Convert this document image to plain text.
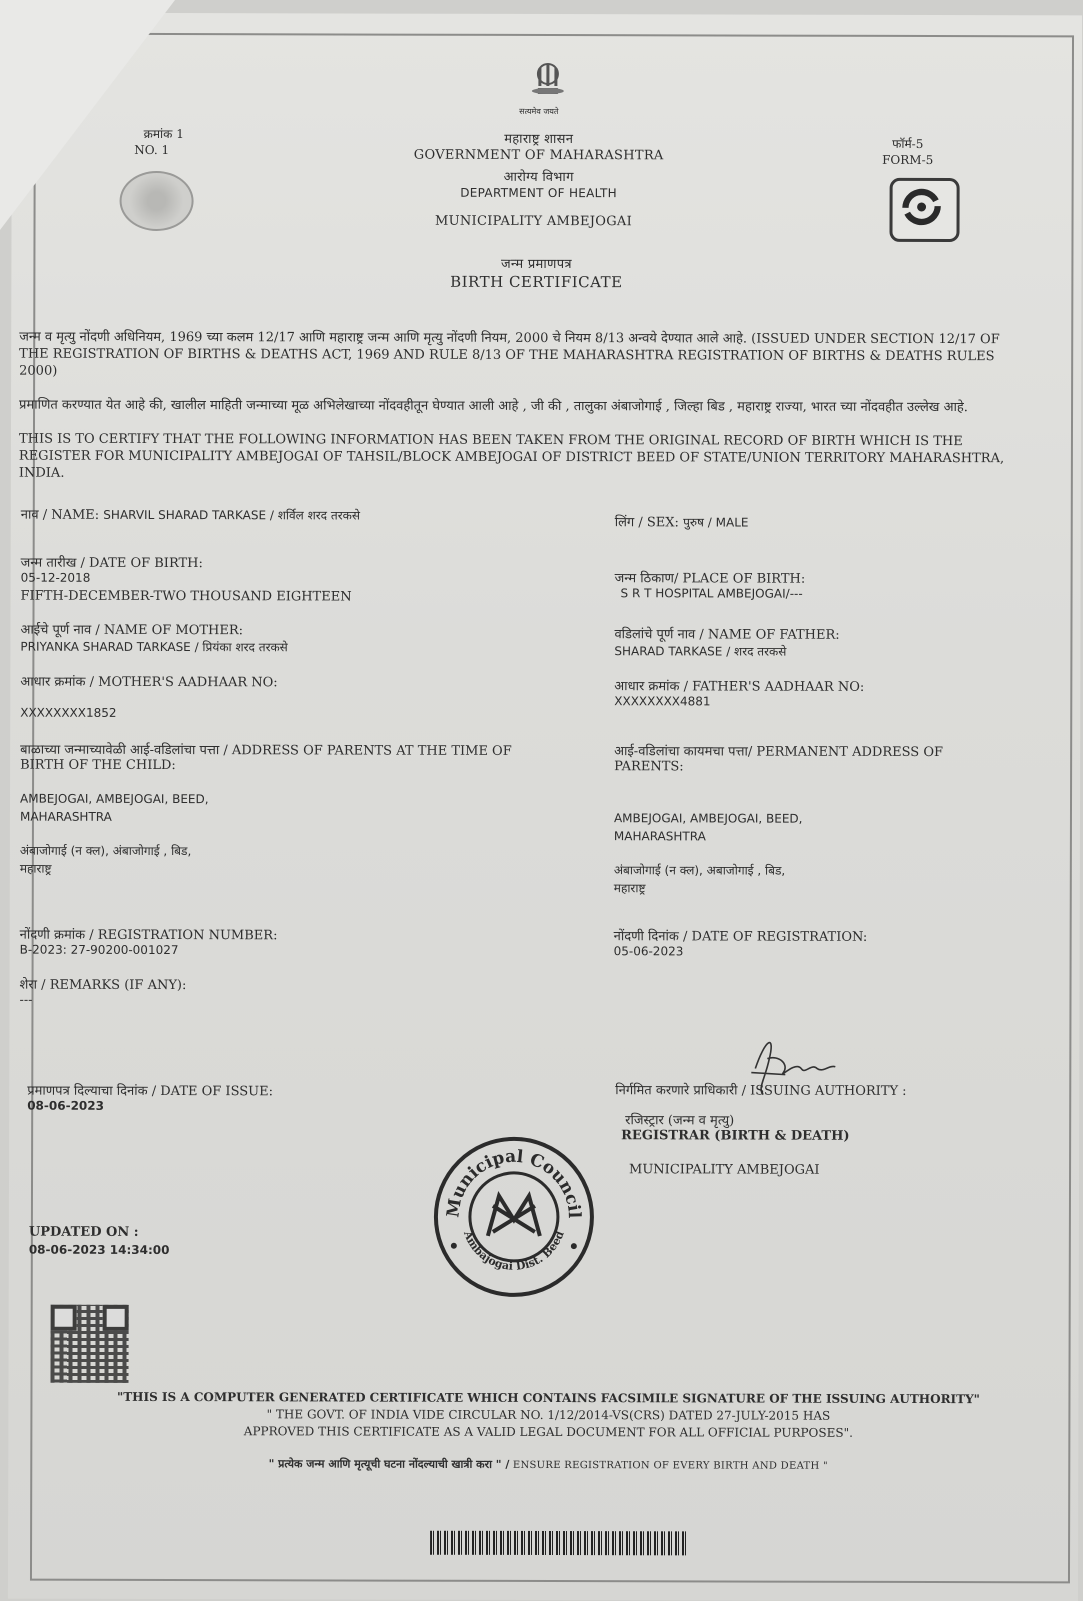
सत्यमेव जयते
क्रमांक 1
NO. 1
महाराष्ट्र शासन
GOVERNMENT OF MAHARASHTRA
आरोग्य विभाग
DEPARTMENT OF HEALTH
फॉर्म-5
FORM-5
MUNICIPALITY AMBEJOGAI
जन्म प्रमाणपत्र
BIRTH CERTIFICATE
जन्म व मृत्यु नोंदणी अधिनियम, 1969 च्या कलम 12/17 आणि महाराष्ट्र जन्म आणि मृत्यु नोंदणी नियम, 2000 चे नियम 8/13 अन्वये देण्यात आले आहे. (ISSUED UNDER SECTION 12/17 OF THE REGISTRATION OF BIRTHS & DEATHS ACT, 1969 AND RULE 8/13 OF THE MAHARASHTRA REGISTRATION OF BIRTHS & DEATHS RULES 2000)
प्रमाणित करण्यात येत आहे की, खालील माहिती जन्माच्या मूळ अभिलेखाच्या नोंदवहीतून घेण्यात आली आहे , जी की , तालुका अंबाजोगाई , जिल्हा बिड , महाराष्ट्र राज्या, भारत च्या नोंदवहीत उल्लेख आहे.
THIS IS TO CERTIFY THAT THE FOLLOWING INFORMATION HAS BEEN TAKEN FROM THE ORIGINAL RECORD OF BIRTH WHICH IS THE REGISTER FOR MUNICIPALITY AMBEJOGAI OF TAHSIL/BLOCK AMBEJOGAI OF DISTRICT BEED OF STATE/UNION TERRITORY MAHARASHTRA, INDIA.
नाव / NAME: SHARVIL SHARAD TARKASE / शर्विल शरद तरकसे
जन्म तारीख / DATE OF BIRTH:
05-12-2018
FIFTH-DECEMBER-TWO THOUSAND EIGHTEEN
आईचे पूर्ण नाव / NAME OF MOTHER:
PRIYANKA SHARAD TARKASE / प्रियंका शरद तरकसे
आधार क्रमांक / MOTHER'S AADHAAR NO:
XXXXXXXX1852
बाळाच्या जन्माच्यावेळी आई-वडिलांचा पत्ता / ADDRESS OF PARENTS AT THE TIME OF
BIRTH OF THE CHILD:
AMBEJOGAI, AMBEJOGAI, BEED,
MAHARASHTRA
अंबाजोगाई (न क्ल), अंबाजोगाई , बिड,
महाराष्ट्र
नोंदणी क्रमांक / REGISTRATION NUMBER:
B-2023: 27-90200-001027
शेरा / REMARKS (IF ANY):
---
प्रमाणपत्र दिल्याचा दिनांक / DATE OF ISSUE:
08-06-2023
UPDATED ON :
08-06-2023 14:34:00
लिंग / SEX: पुरुष / MALE
जन्म ठिकाण/ PLACE OF BIRTH:
S R T HOSPITAL AMBEJOGAI/---
वडिलांचे पूर्ण नाव / NAME OF FATHER:
SHARAD TARKASE / शरद तरकसे
आधार क्रमांक / FATHER'S AADHAAR NO:
XXXXXXXX4881
आई-वडिलांचा कायमचा पत्ता/ PERMANENT ADDRESS OF
PARENTS:
AMBEJOGAI, AMBEJOGAI, BEED,
MAHARASHTRA
अंबाजोगाई (न क्ल), अबाजोगाई , बिड,
महाराष्ट्र
नोंदणी दिनांक / DATE OF REGISTRATION:
05-06-2023
निर्गमित करणारे प्राधिकारी / ISSUING AUTHORITY :
रजिस्ट्रार (जन्म व मृत्यु)
REGISTRAR (BIRTH & DEATH)
MUNICIPALITY AMBEJOGAI
Municipal Council
Ambajogai Dist. Beed
"THIS IS A COMPUTER GENERATED CERTIFICATE WHICH CONTAINS FACSIMILE SIGNATURE OF THE ISSUING AUTHORITY"
" THE GOVT. OF INDIA VIDE CIRCULAR NO. 1/12/2014-VS(CRS) DATED 27-JULY-2015 HAS
APPROVED THIS CERTIFICATE AS A VALID LEGAL DOCUMENT FOR ALL OFFICIAL PURPOSES".
" प्रत्येक जन्म आणि मृत्यूची घटना नोंदल्याची खात्री करा " / ENSURE REGISTRATION OF EVERY BIRTH AND DEATH "
